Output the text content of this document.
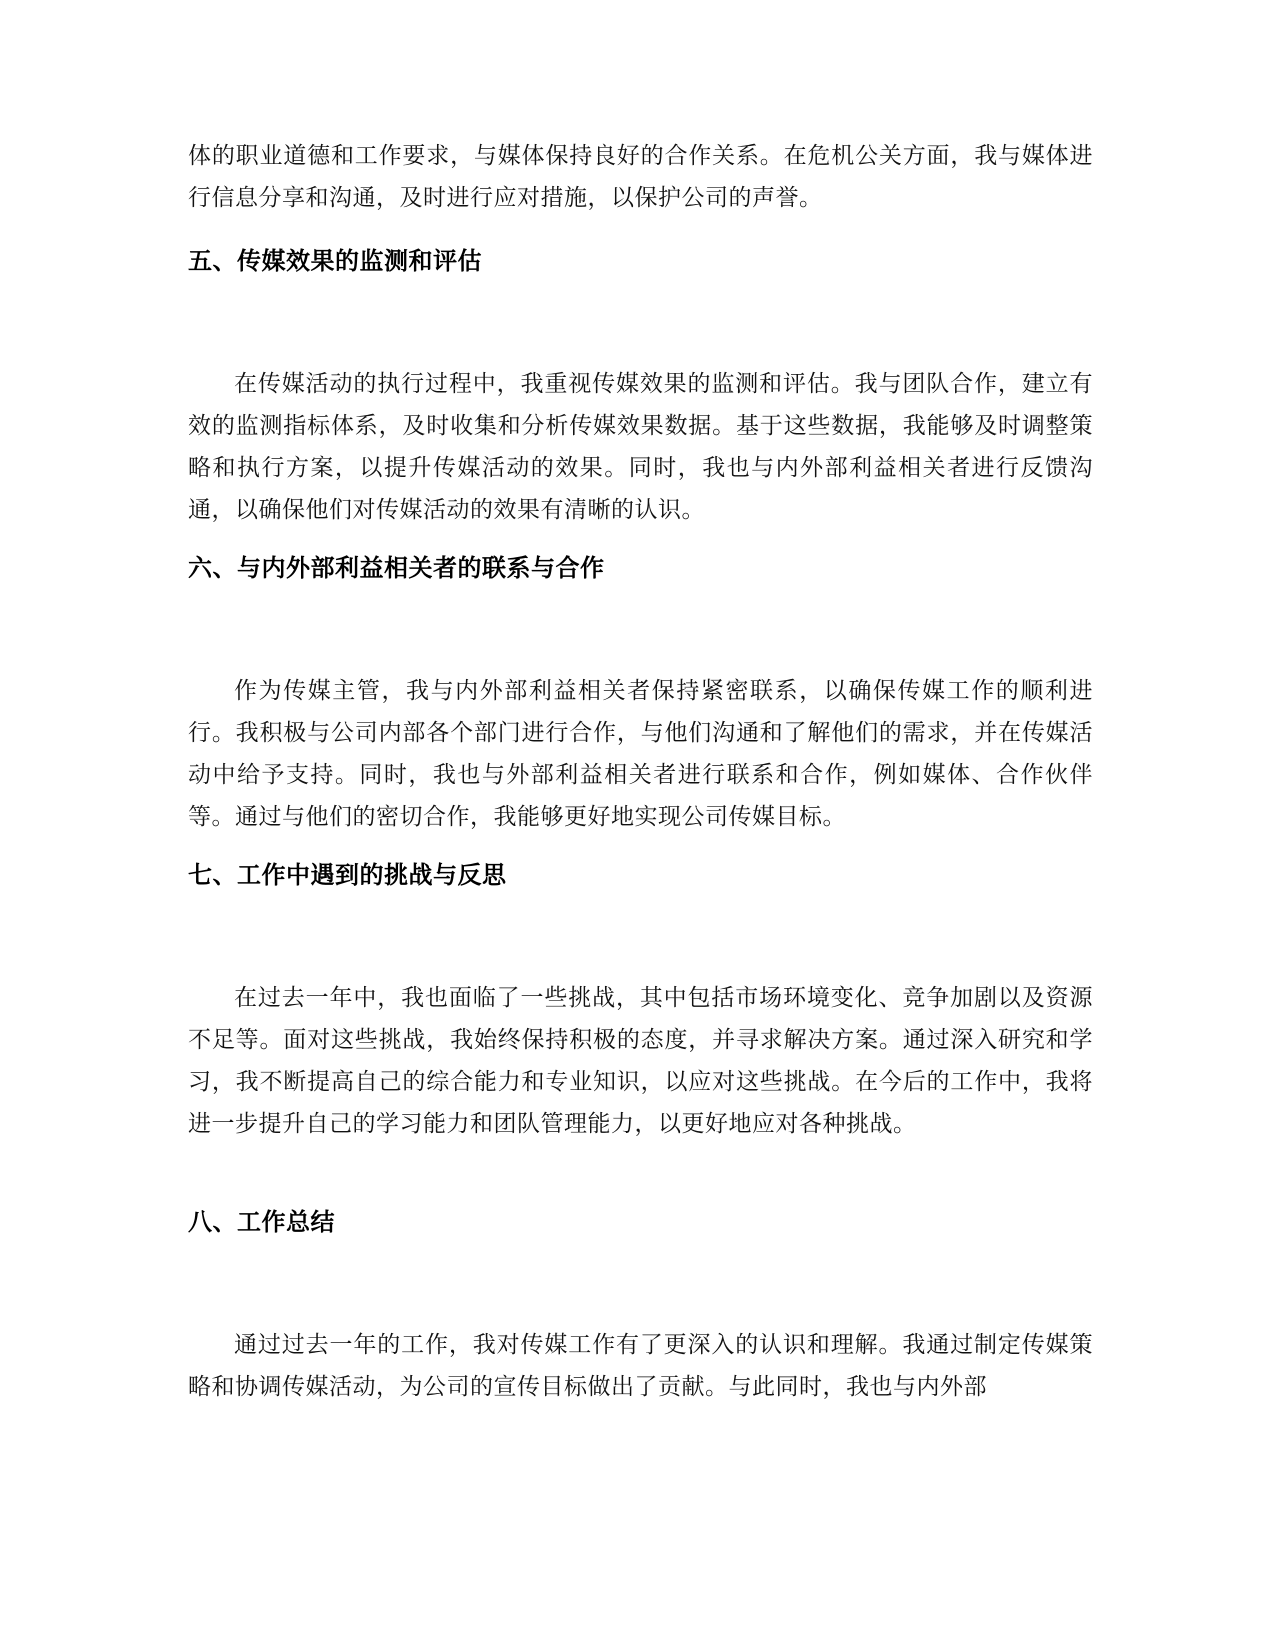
体的职业道德和工作要求，与媒体保持良好的合作关系。在危机公关方面，我与媒体进行信息分享和沟通，及时进行应对措施，以保护公司的声誉。

五、传媒效果的监测和评估

在传媒活动的执行过程中，我重视传媒效果的监测和评估。我与团队合作，建立有效的监测指标体系，及时收集和分析传媒效果数据。基于这些数据，我能够及时调整策略和执行方案，以提升传媒活动的效果。同时，我也与内外部利益相关者进行反馈沟通，以确保他们对传媒活动的效果有清晰的认识。

六、与内外部利益相关者的联系与合作

作为传媒主管，我与内外部利益相关者保持紧密联系，以确保传媒工作的顺利进行。我积极与公司内部各个部门进行合作，与他们沟通和了解他们的需求，并在传媒活动中给予支持。同时，我也与外部利益相关者进行联系和合作，例如媒体、合作伙伴等。通过与他们的密切合作，我能够更好地实现公司传媒目标。

七、工作中遇到的挑战与反思

在过去一年中，我也面临了一些挑战，其中包括市场环境变化、竞争加剧以及资源不足等。面对这些挑战，我始终保持积极的态度，并寻求解决方案。通过深入研究和学习，我不断提高自己的综合能力和专业知识，以应对这些挑战。在今后的工作中，我将进一步提升自己的学习能力和团队管理能力，以更好地应对各种挑战。

八、工作总结

通过过去一年的工作，我对传媒工作有了更深入的认识和理解。我通过制定传媒策略和协调传媒活动，为公司的宣传目标做出了贡献。与此同时，我也与内外部
